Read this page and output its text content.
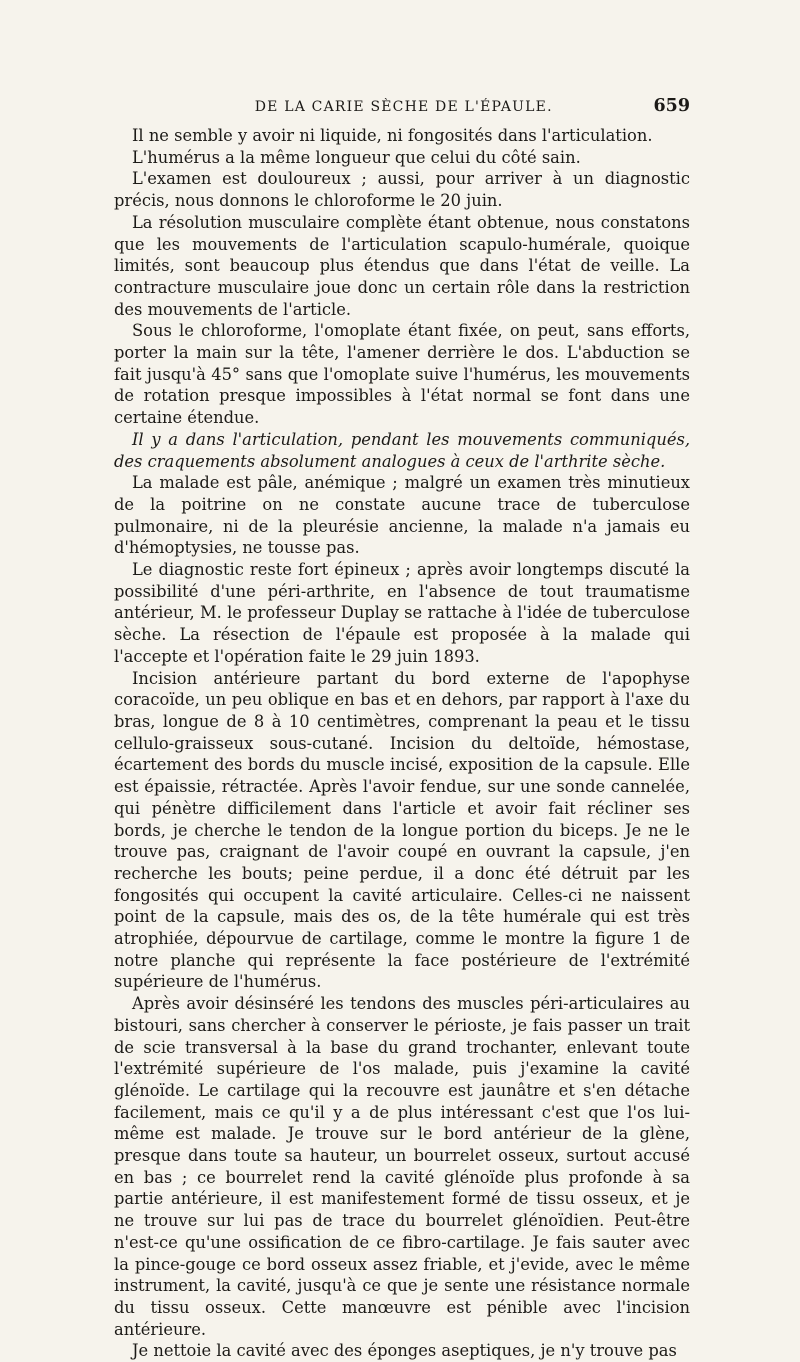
DE LA CARIE SÈCHE DE L'ÉPAULE.	659

Il ne semble y avoir ni liquide, ni fongosités dans l'articulation.

L'humérus a la même longueur que celui du côté sain.

L'examen est douloureux ; aussi, pour arriver à un diagnostic précis, nous donnons le chloroforme le 20 juin.

La résolution musculaire complète étant obtenue, nous constatons que les mouvements de l'articulation scapulo-humérale, quoique limités, sont beaucoup plus étendus que dans l'état de veille. La contracture musculaire joue donc un certain rôle dans la restriction des mouvements de l'article.

Sous le chloroforme, l'omoplate étant fixée, on peut, sans efforts, porter la main sur la tête, l'amener derrière le dos. L'abduction se fait jusqu'à 45° sans que l'omoplate suive l'humérus, les mouvements de rotation presque impossibles à l'état normal se font dans une certaine étendue.

Il y a dans l'articulation, pendant les mouvements communiqués, des craquements absolument analogues à ceux de l'arthrite sèche.

La malade est pâle, anémique ; malgré un examen très minutieux de la poitrine on ne constate aucune trace de tuberculose pulmonaire, ni de la pleurésie ancienne, la malade n'a jamais eu d'hémoptysies, ne tousse pas.

Le diagnostic reste fort épineux ; après avoir longtemps discuté la possibilité d'une péri-arthrite, en l'absence de tout traumatisme antérieur, M. le professeur Duplay se rattache à l'idée de tuberculose sèche. La résection de l'épaule est proposée à la malade qui l'accepte et l'opération faite le 29 juin 1893.

Incision antérieure partant du bord externe de l'apophyse coracoïde, un peu oblique en bas et en dehors, par rapport à l'axe du bras, longue de 8 à 10 centimètres, comprenant la peau et le tissu cellulo-graisseux sous-cutané. Incision du deltoïde, hémostase, écartement des bords du muscle incisé, exposition de la capsule. Elle est épaissie, rétractée. Après l'avoir fendue, sur une sonde cannelée, qui pénètre difficilement dans l'article et avoir fait récliner ses bords, je cherche le tendon de la longue portion du biceps. Je ne le trouve pas, craignant de l'avoir coupé en ouvrant la capsule, j'en recherche les bouts; peine perdue, il a donc été détruit par les fongosités qui occupent la cavité articulaire. Celles-ci ne naissent point de la capsule, mais des os, de la tête humérale qui est très atrophiée, dépourvue de cartilage, comme le montre la figure 1 de notre planche qui représente la face postérieure de l'extrémité supérieure de l'humérus.

Après avoir désinséré les tendons des muscles péri-articulaires au bistouri, sans chercher à conserver le périoste, je fais passer un trait de scie transversal à la base du grand trochanter, enlevant toute l'extrémité supérieure de l'os malade, puis j'examine la cavité glénoïde. Le cartilage qui la recouvre est jaunâtre et s'en détache facilement, mais ce qu'il y a de plus intéressant c'est que l'os lui-même est malade. Je trouve sur le bord antérieur de la glène, presque dans toute sa hauteur, un bourrelet osseux, surtout accusé en bas ; ce bourrelet rend la cavité glénoïde plus profonde à sa partie antérieure, il est manifestement formé de tissu osseux, et je ne trouve sur lui pas de trace du bourrelet glénoïdien. Peut-être n'est-ce qu'une ossification de ce fibro-cartilage. Je fais sauter avec la pince-gouge ce bord osseux assez friable, et j'evide, avec le même instrument, la cavité, jusqu'à ce que je sente une résistance normale du tissu osseux. Cette manœuvre est pénible avec l'incision antérieure.

Je nettoie la cavité avec des éponges aseptiques, je n'y trouve pas
